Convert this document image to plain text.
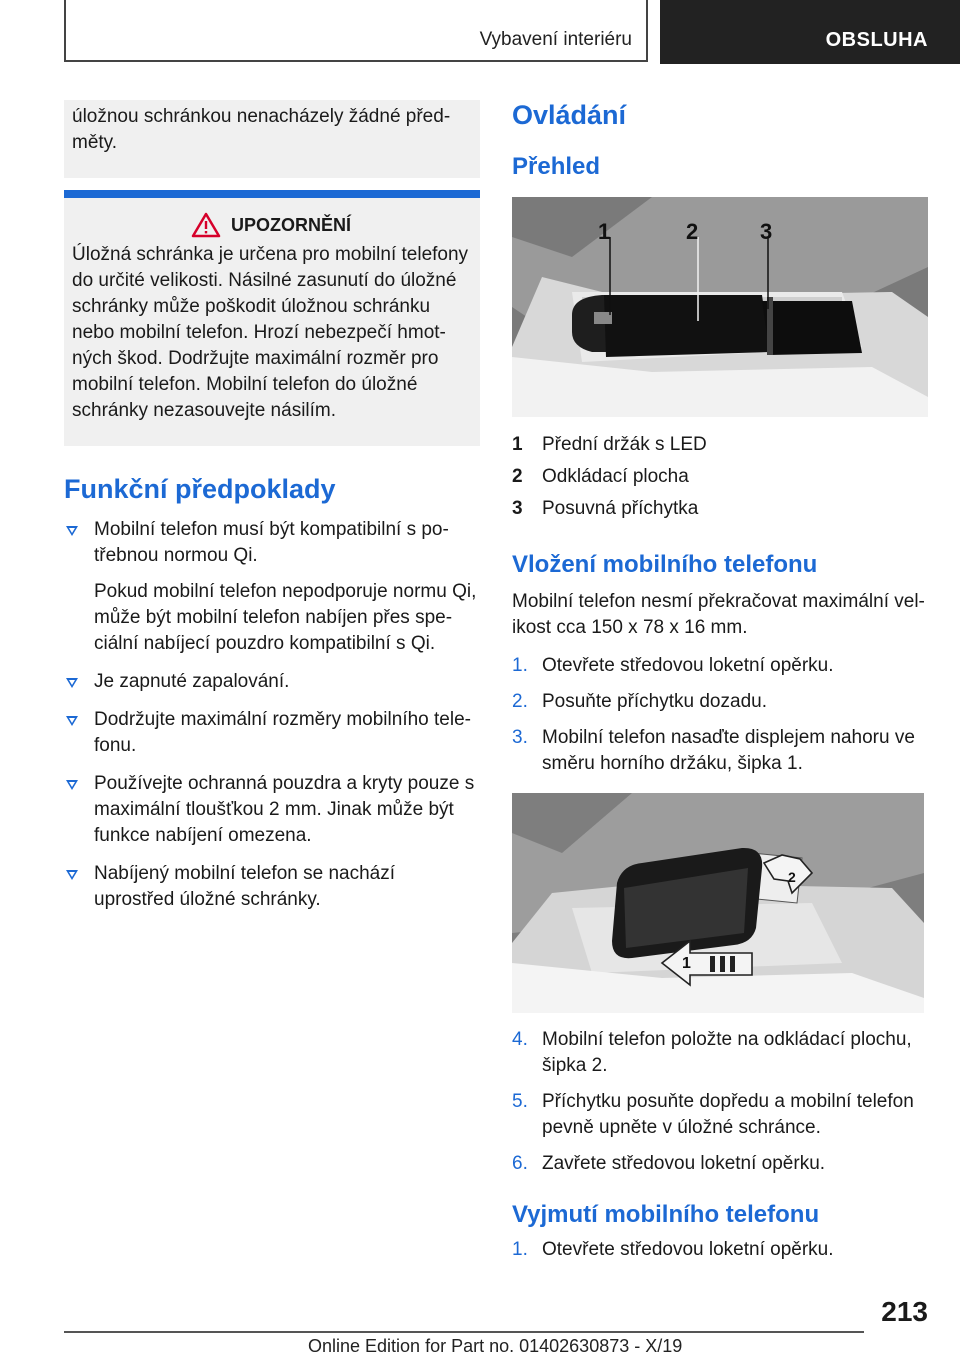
Vybavení interiéru	OBSLUHA
úložnou schránkou nenacházely žádné před-měty.
UPOZORNĚNÍ
Úložná schránka je určena pro mobilní telefony do určité velikosti. Násilné zasunutí do úložné schránky může poškodit úložnou schránku nebo mobilní telefon. Hrozí nebezpečí hmot-ných škod. Dodržujte maximální rozměr pro mobilní telefon. Mobilní telefon do úložné schránky nezasouvejte násilím.
Funkční předpoklady

Mobilní telefon musí být kompatibilní s po-třebnou normou Qi.

Pokud mobilní telefon nepodporuje normu Qi, může být mobilní telefon nabíjen přes spe-ciální nabíjecí pouzdro kompatibilní s Qi.

Je zapnuté zapalování.

Dodržujte maximální rozměry mobilního tele-fonu.

Používejte ochranná pouzdra a kryty pouze s maximální tloušťkou 2 mm. Jinak může být funkce nabíjení omezena.

Nabíjený mobilní telefon se nachází uprostřed úložné schránky.

Ovládání
Přehled
1	2	3
1	Přední držák s LED
2	Odkládací plocha
3	Posuvná příchytka
Vložení mobilního telefonu

Mobilní telefon nesmí překračovat maximální vel-ikost cca 150 x 78 x 16 mm.

1. Otevřete středovou loketní opěrku.
2. Posuňte příchytku dozadu.
3. Mobilní telefon nasaďte displejem nahoru ve směru horního držáku, šipka 1.
1
2
4. Mobilní telefon položte na odkládací plochu, šipka 2.
5. Příchytku posuňte dopředu a mobilní telefon pevně upněte v úložné schránce.
6. Zavřete středovou loketní opěrku.
Vyjmutí mobilního telefonu
1. Otevřete středovou loketní opěrku.
213
Online Edition for Part no. 01402630873 - X/19
